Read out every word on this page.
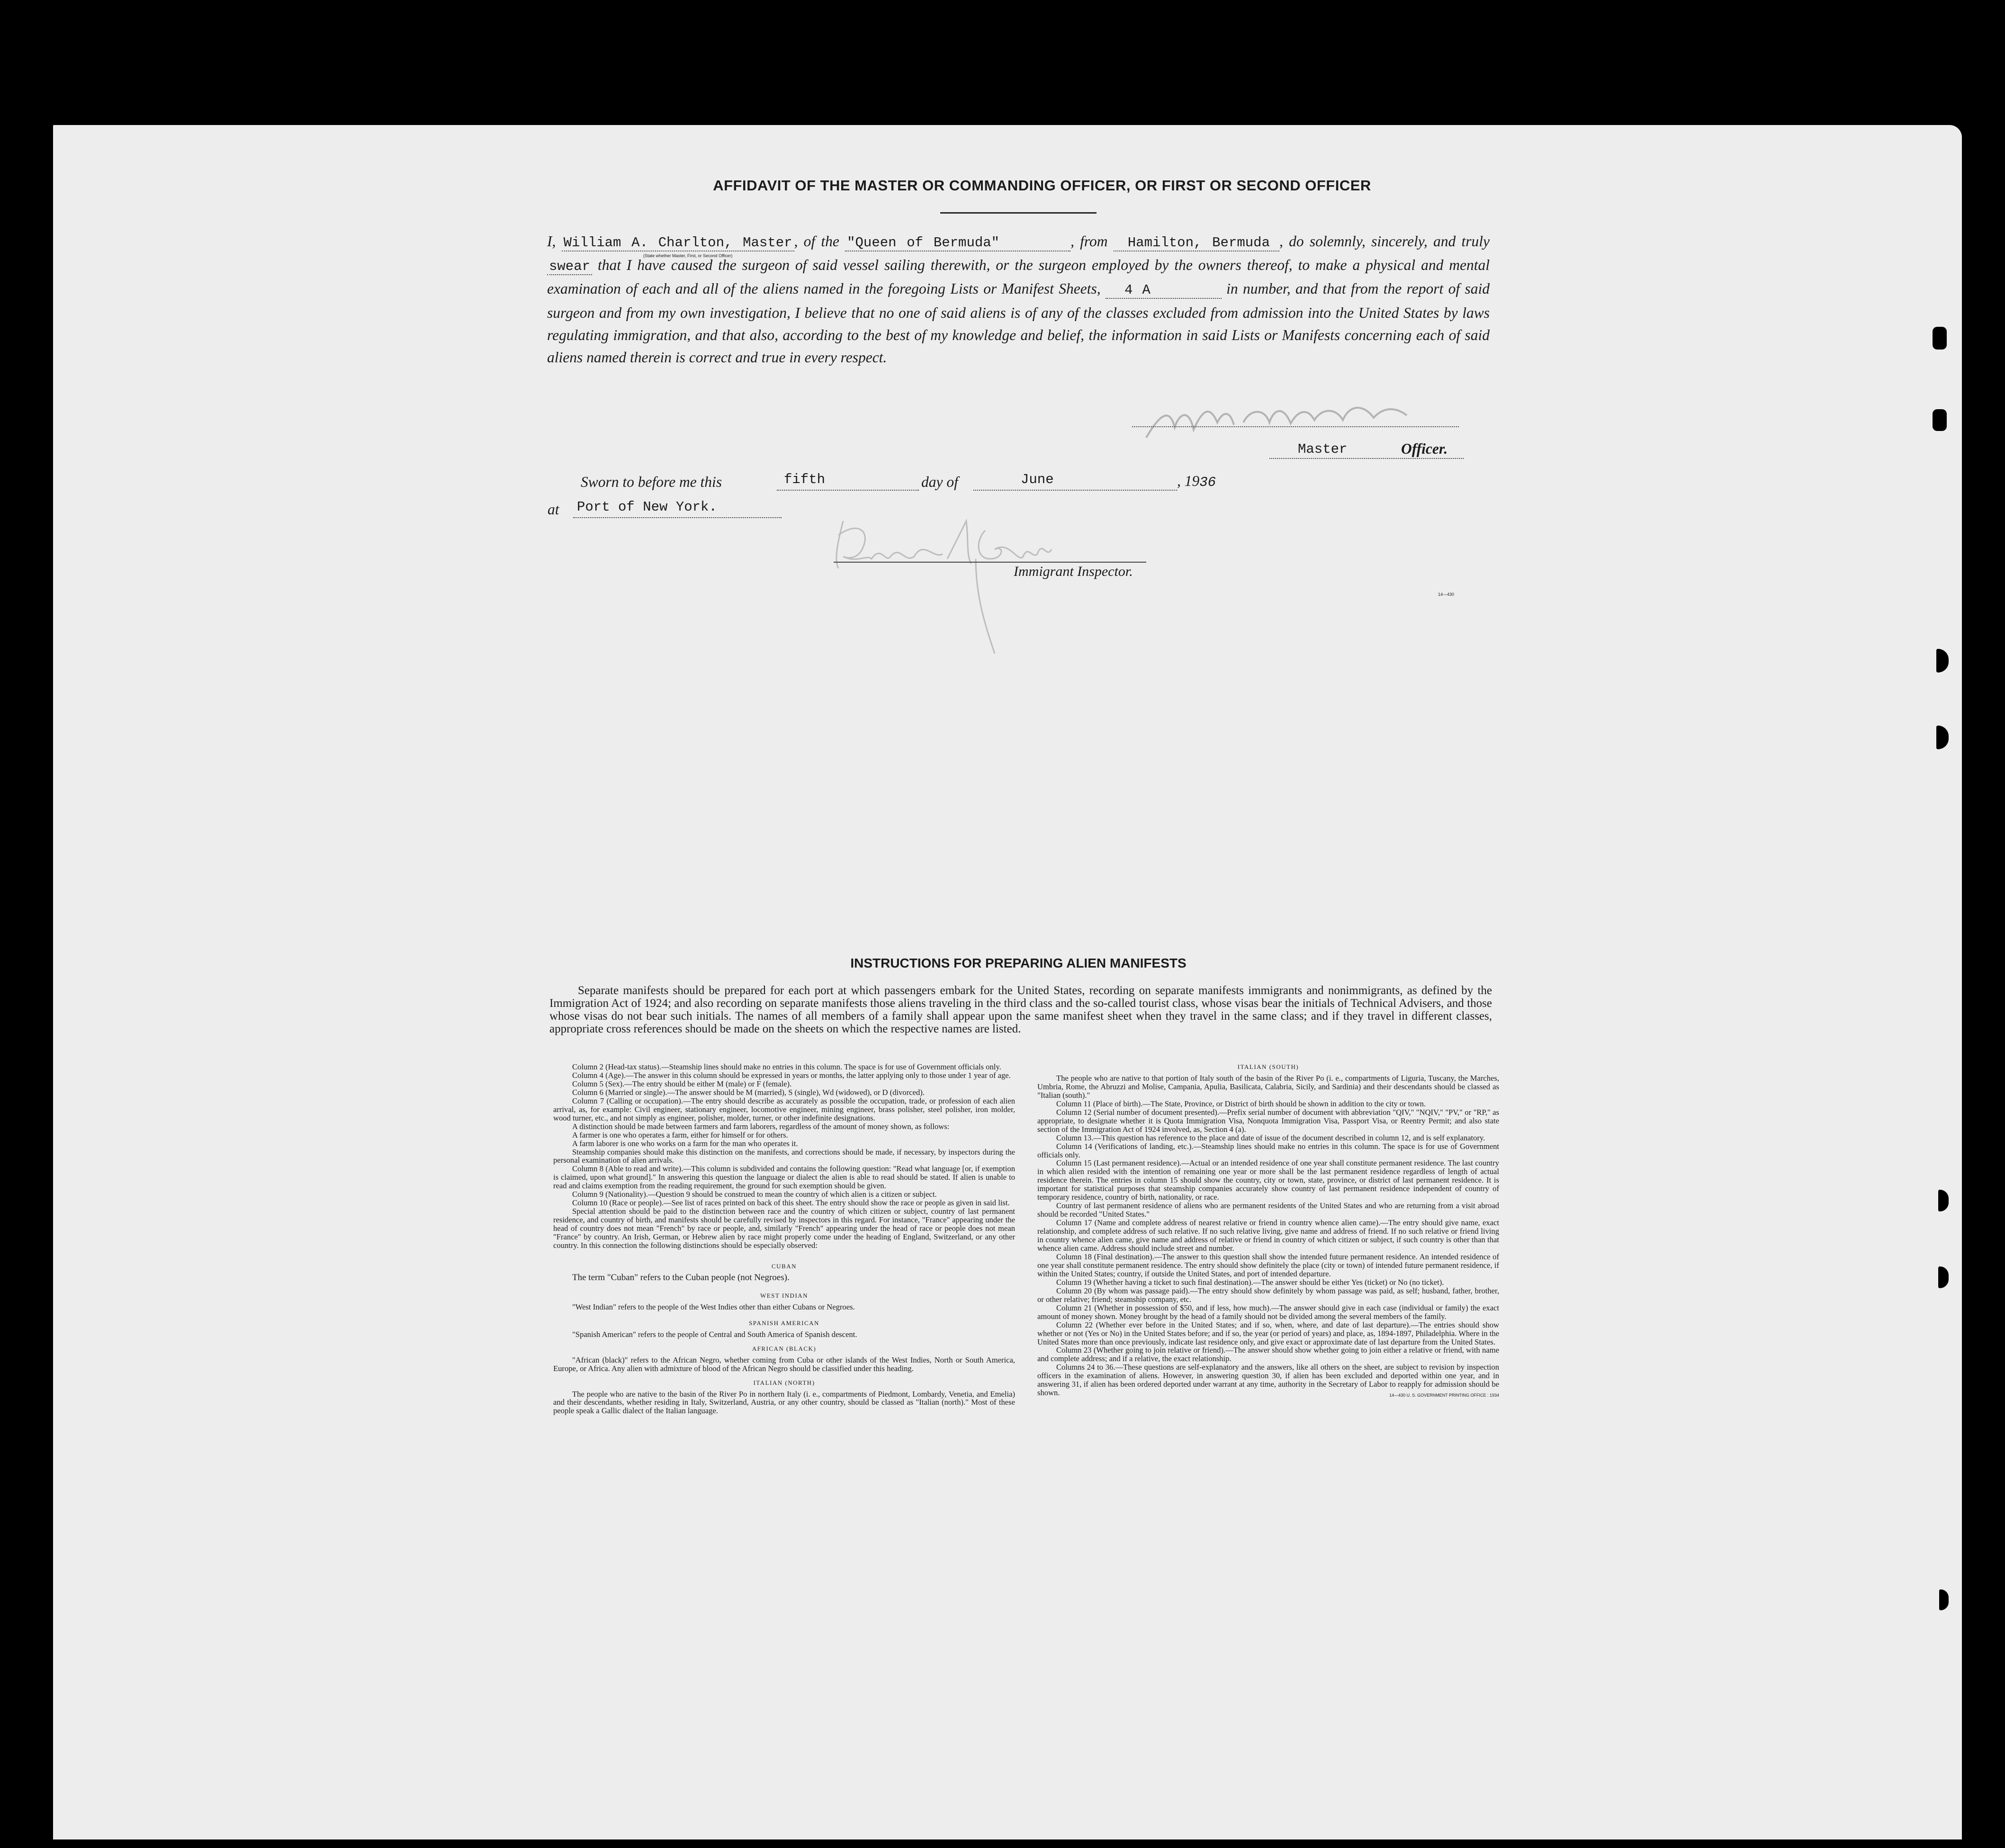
AFFIDAVIT OF THE MASTER OR COMMANDING OFFICER, OR FIRST OR SECOND OFFICER
I, William A. Charlton, Master , of the "Queen of Bermuda"	, from Hamilton, Bermuda , do solemnly, sincerely, and truly swear that I have caused the surgeon of said vessel sailing therewith, or the surgeon employed by the owners thereof, to make a physical and mental examination of each and all of the aliens named in the foregoing Lists or Manifest Sheets, 4 A	in number, and that from the report of said surgeon and from my own investigation, I believe that no one of said aliens is of any of the classes excluded from admission into the United States by laws regulating immigration, and that also, according to the best of my knowledge and belief, the information in said Lists or Manifests concerning each of said aliens named therein is correct and true in every respect.
(State whether Master, First, or Second Officer)
Master	Officer.
Sworn to before me this	fifth	day of	June	, 1936
at Port of New York.
Immigrant Inspector.
14—430
INSTRUCTIONS FOR PREPARING ALIEN MANIFESTS
Separate manifests should be prepared for each port at which passengers embark for the United States, recording on separate manifests immigrants and nonimmigrants, as defined by the Immigration Act of 1924; and also recording on separate manifests those aliens traveling in the third class and the so-called tourist class, whose visas bear the initials of Technical Advisers, and those whose visas do not bear such initials. The names of all members of a family shall appear upon the same manifest sheet when they travel in the same class; and if they travel in different classes, appropriate cross references should be made on the sheets on which the respective names are listed.

Column 2 (Head-tax status).—Steamship lines should make no entries in this column. The space is for use of Government officials only.

Column 4 (Age).—The answer in this column should be expressed in years or months, the latter applying only to those under 1 year of age.

Column 5 (Sex).—The entry should be either M (male) or F (female).

Column 6 (Married or single).—The answer should be M (married), S (single), Wd (widowed), or D (divorced).

Column 7 (Calling or occupation).—The entry should describe as accurately as possible the occupation, trade, or profession of each alien arrival, as, for example: Civil engineer, stationary engineer, locomotive engineer, mining engineer, brass polisher, steel polisher, iron molder, wood turner, etc., and not simply as engineer, polisher, molder, turner, or other indefinite designations.

A distinction should be made between farmers and farm laborers, regardless of the amount of money shown, as follows:

A farmer is one who operates a farm, either for himself or for others.

A farm laborer is one who works on a farm for the man who operates it.

Steamship companies should make this distinction on the manifests, and corrections should be made, if necessary, by inspectors during the personal examination of alien arrivals.

Column 8 (Able to read and write).—This column is subdivided and contains the following question: "Read what language [or, if exemption is claimed, upon what ground]." In answering this question the language or dialect the alien is able to read should be stated. If alien is unable to read and claims exemption from the reading requirement, the ground for such exemption should be given.

Column 9 (Nationality).—Question 9 should be construed to mean the country of which alien is a citizen or subject.

Column 10 (Race or people).—See list of races printed on back of this sheet. The entry should show the race or people as given in said list.

Special attention should be paid to the distinction between race and the country of which citizen or subject, country of last permanent residence, and country of birth, and manifests should be carefully revised by inspectors in this regard. For instance, "France" appearing under the head of country does not mean "French" by race or people, and, similarly "French" appearing under the head of race or people does not mean "France" by country. An Irish, German, or Hebrew alien by race might properly come under the heading of England, Switzerland, or any other country. In this connection the following distinctions should be especially observed:

CUBAN

The term "Cuban" refers to the Cuban people (not Negroes).

WEST INDIAN

"West Indian" refers to the people of the West Indies other than either Cubans or Negroes.

SPANISH AMERICAN

"Spanish American" refers to the people of Central and South America of Spanish descent.

AFRICAN (BLACK)

"African (black)" refers to the African Negro, whether coming from Cuba or other islands of the West Indies, North or South America, Europe, or Africa. Any alien with admixture of blood of the African Negro should be classified under this heading.

ITALIAN (NORTH)

The people who are native to the basin of the River Po in northern Italy (i. e., compartments of Piedmont, Lombardy, Venetia, and Emelia) and their descendants, whether residing in Italy, Switzerland, Austria, or any other country, should be classed as "Italian (north)." Most of these people speak a Gallic dialect of the Italian language.

ITALIAN (SOUTH)

The people who are native to that portion of Italy south of the basin of the River Po (i. e., compartments of Liguria, Tuscany, the Marches, Umbria, Rome, the Abruzzi and Molise, Campania, Apulia, Basilicata, Calabria, Sicily, and Sardinia) and their descendants should be classed as "Italian (south)."

Column 11 (Place of birth).—The State, Province, or District of birth should be shown in addition to the city or town.

Column 12 (Serial number of document presented).—Prefix serial number of document with abbreviation "QIV," "NQIV," "PV," or "RP," as appropriate, to designate whether it is Quota Immigration Visa, Nonquota Immigration Visa, Passport Visa, or Reentry Permit; and also state section of the Immigration Act of 1924 involved, as, Section 4 (a).

Column 13.—This question has reference to the place and date of issue of the document described in column 12, and is self explanatory.

Column 14 (Verifications of landing, etc.).—Steamship lines should make no entries in this column. The space is for use of Government officials only.

Column 15 (Last permanent residence).—Actual or an intended residence of one year shall constitute permanent residence. The last country in which alien resided with the intention of remaining one year or more shall be the last permanent residence regardless of length of actual residence therein. The entries in column 15 should show the country, city or town, state, province, or district of last permanent residence. It is important for statistical purposes that steamship companies accurately show country of last permanent residence independent of country of temporary residence, country of birth, nationality, or race.

Country of last permanent residence of aliens who are permanent residents of the United States and who are returning from a visit abroad should be recorded "United States."

Column 17 (Name and complete address of nearest relative or friend in country whence alien came).—The entry should give name, exact relationship, and complete address of such relative. If no such relative living, give name and address of friend. If no such relative or friend living in country whence alien came, give name and address of relative or friend in country of which citizen or subject, if such country is other than that whence alien came. Address should include street and number.

Column 18 (Final destination).—The answer to this question shall show the intended future permanent residence. An intended residence of one year shall constitute permanent residence. The entry should show definitely the place (city or town) of intended future permanent residence, if within the United States; country, if outside the United States, and port of intended departure.

Column 19 (Whether having a ticket to such final destination).—The answer should be either Yes (ticket) or No (no ticket).

Column 20 (By whom was passage paid).—The entry should show definitely by whom passage was paid, as self; husband, father, brother, or other relative; friend; steamship company, etc.

Column 21 (Whether in possession of $50, and if less, how much).—The answer should give in each case (individual or family) the exact amount of money shown. Money brought by the head of a family should not be divided among the several members of the family.

Column 22 (Whether ever before in the United States; and if so, when, where, and date of last departure).—The entries should show whether or not (Yes or No) in the United States before; and if so, the year (or period of years) and place, as, 1894-1897, Philadelphia. Where in the United States more than once previously, indicate last residence only, and give exact or approximate date of last departure from the United States.

Column 23 (Whether going to join relative or friend).—The answer should show whether going to join either a relative or friend, with name and complete address; and if a relative, the exact relationship.

Columns 24 to 36.—These questions are self-explanatory and the answers, like all others on the sheet, are subject to revision by inspection officers in the examination of aliens. However, in answering question 30, if alien has been excluded and deported within one year, and in answering 31, if alien has been ordered deported under warrant at any time, authority in the Secretary of Labor to reapply for admission should be shown.	14—430 U. S. GOVERNMENT PRINTING OFFICE : 1934
